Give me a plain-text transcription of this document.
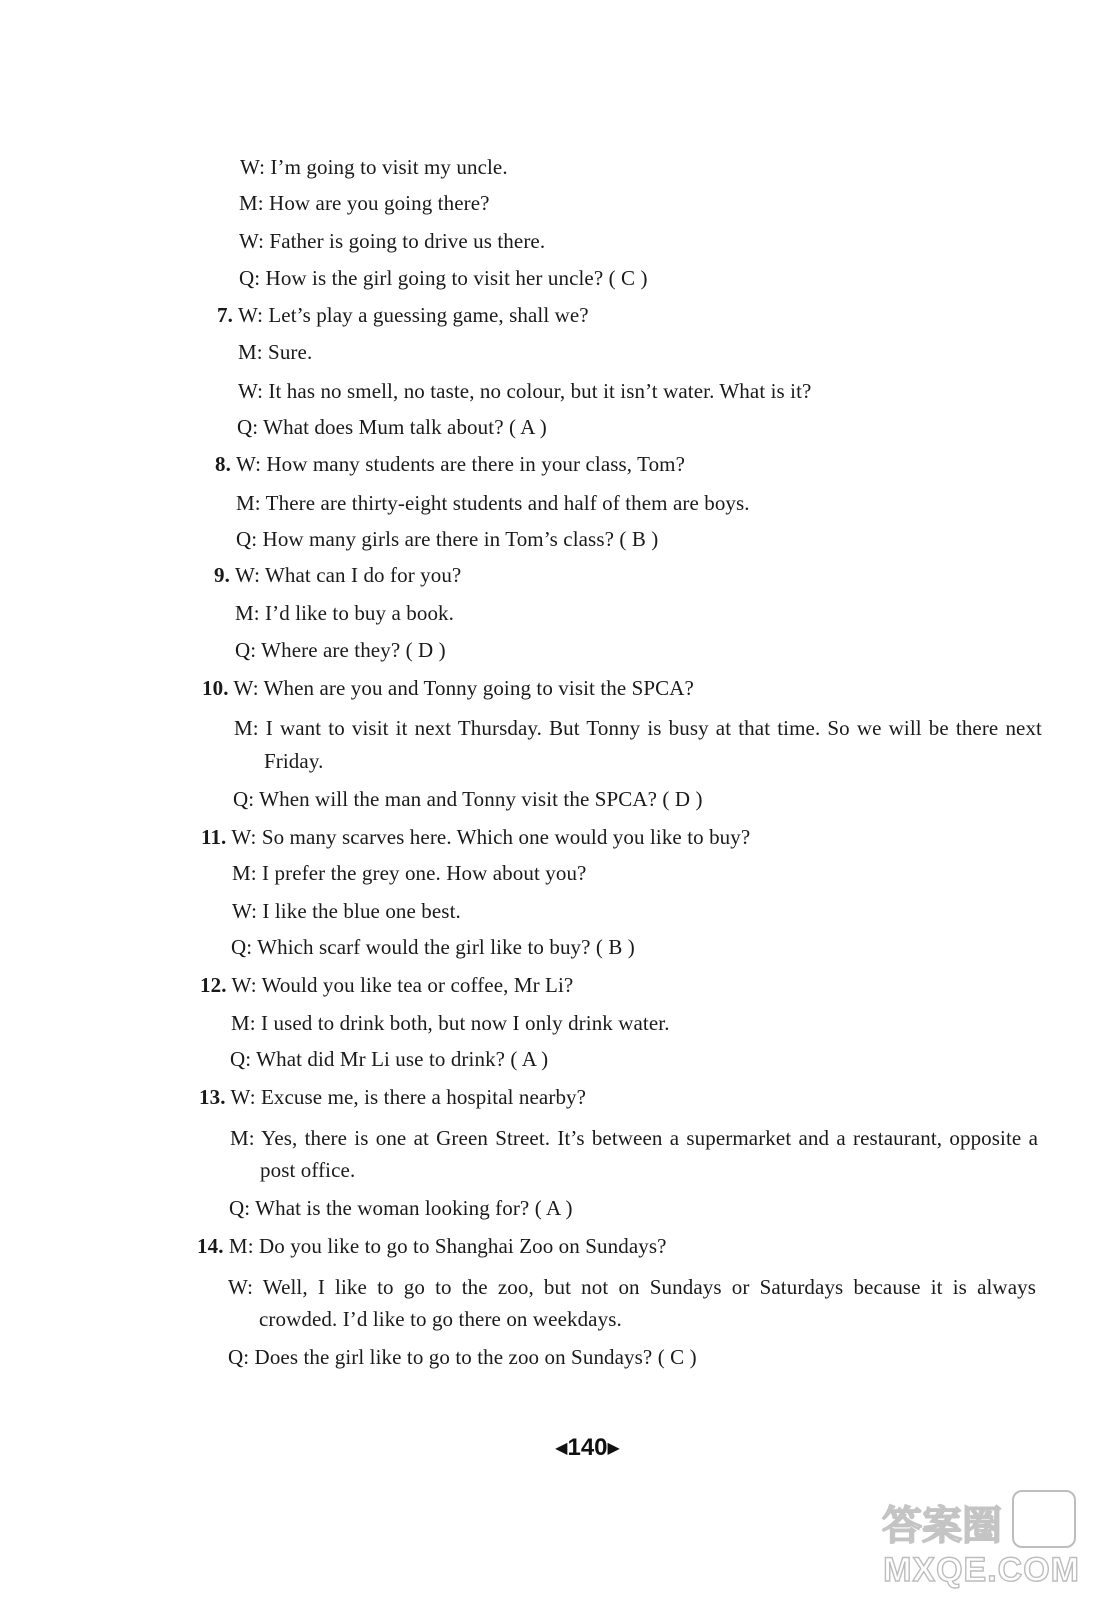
W: I’m going to visit my uncle.
M: How are you going there?
W: Father is going to drive us there.
Q: How is the girl going to visit her uncle? ( C )
7. W: Let’s play a guessing game, shall we?
M: Sure.
W: It has no smell, no taste, no colour, but it isn’t water. What is it?
Q: What does Mum talk about? ( A )
8. W: How many students are there in your class, Tom?
M: There are thirty-eight students and half of them are boys.
Q: How many girls are there in Tom’s class? ( B )
9. W: What can I do for you?
M: I’d like to buy a book.
Q: Where are they? ( D )
10. W: When are you and Tonny going to visit the SPCA?
M: I want to visit it next Thursday. But Tonny is busy at that time. So we will be there next
Friday.
Q: When will the man and Tonny visit the SPCA? ( D )
11. W: So many scarves here. Which one would you like to buy?
M: I prefer the grey one. How about you?
W: I like the blue one best.
Q: Which scarf would the girl like to buy? ( B )
12. W: Would you like tea or coffee, Mr Li?
M: I used to drink both, but now I only drink water.
Q: What did Mr Li use to drink? ( A )
13. W: Excuse me, is there a hospital nearby?
M: Yes, there is one at Green Street. It’s between a supermarket and a restaurant, opposite a
post office.
Q: What is the woman looking for? ( A )
14. M: Do you like to go to Shanghai Zoo on Sundays?
W: Well, I like to go to the zoo, but not on Sundays or Saturdays because it is always
crowded. I’d like to go there on weekdays.
Q: Does the girl like to go to the zoo on Sundays? ( C )
◀140▶
答案圈
MXQE.COM
